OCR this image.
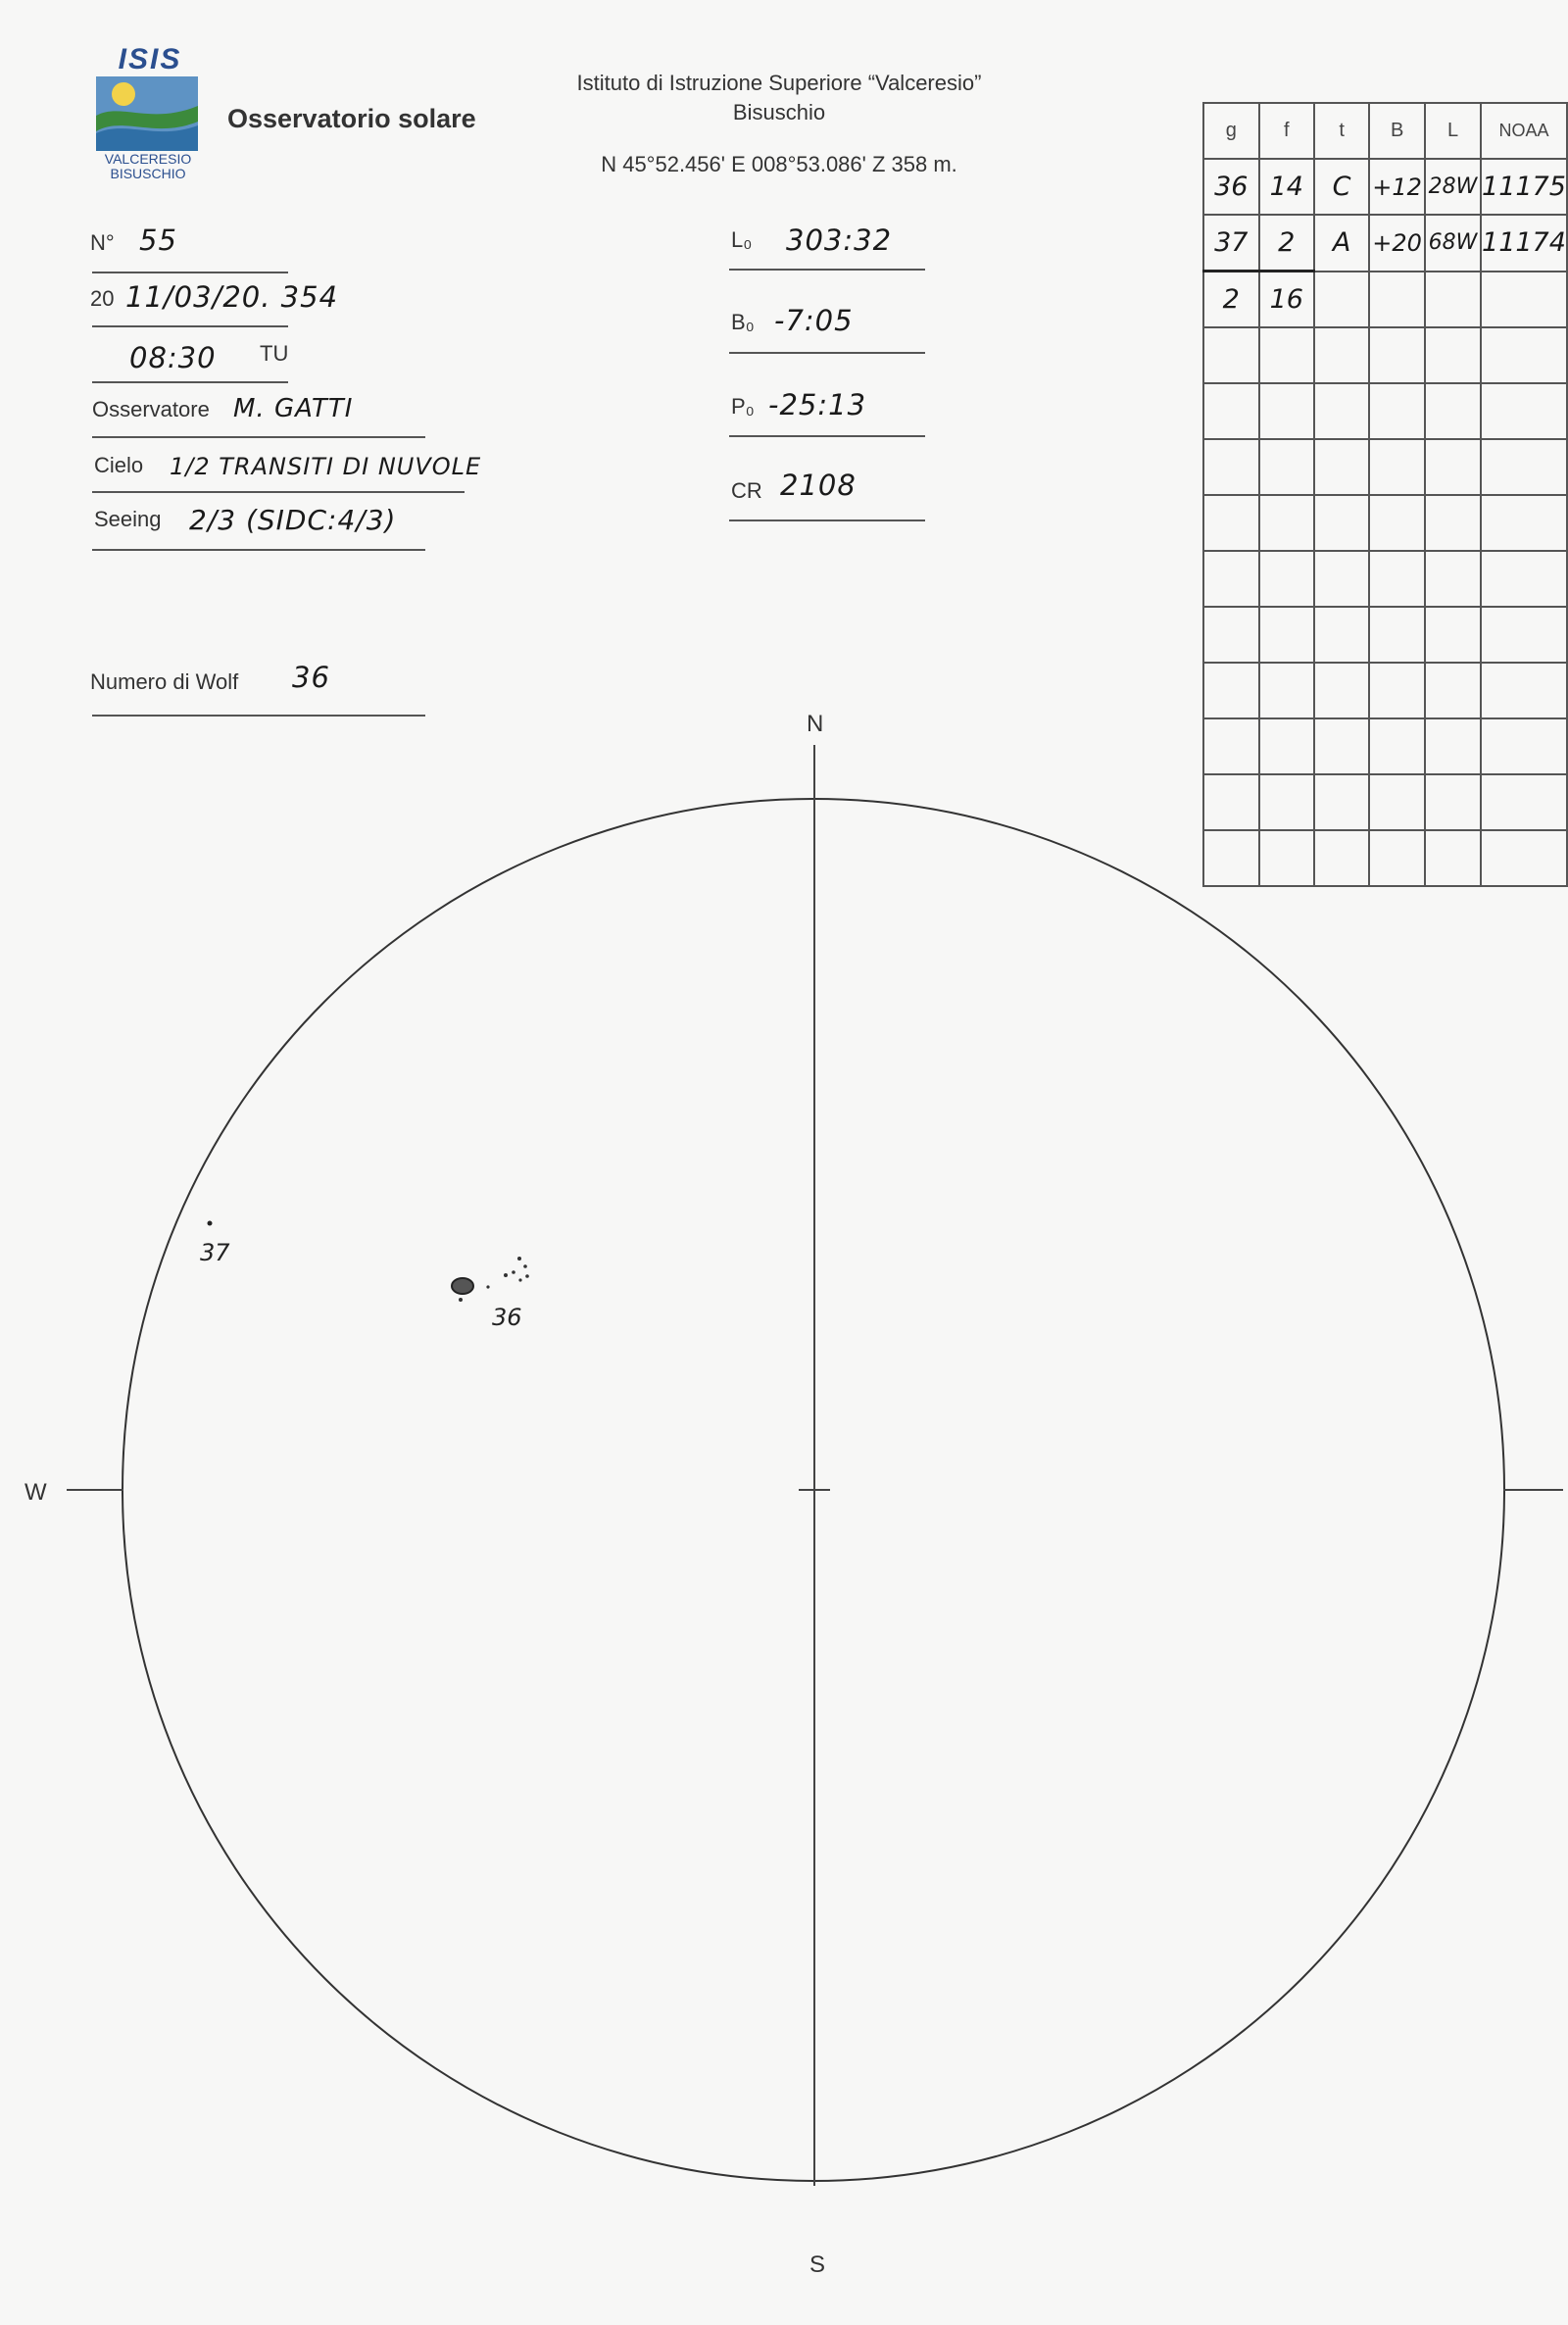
ISIS
VALCERESIO
BISUSCHIO
Osservatorio solare
Istituto di Istruzione Superiore “Valceresio”
Bisuschio
N 45°52.456' E 008°53.086' Z 358 m.
N° 55
20 11/03/20. 354
08:30 TU
Osservatore M. GATTI
Cielo 1/2 TRANSITI DI NUVOLE
Seeing 2/3 (SIDC:4/3)
Numero di Wolf 36
L₀ 303:32
B₀ -7:05
P₀ -25:13
CR 2108
g	f	t	B	L	NOAA
36	14	C	+12	28W	11175
37	2	A	+20	68W	11174
2	16				

N
S
W
37
36
